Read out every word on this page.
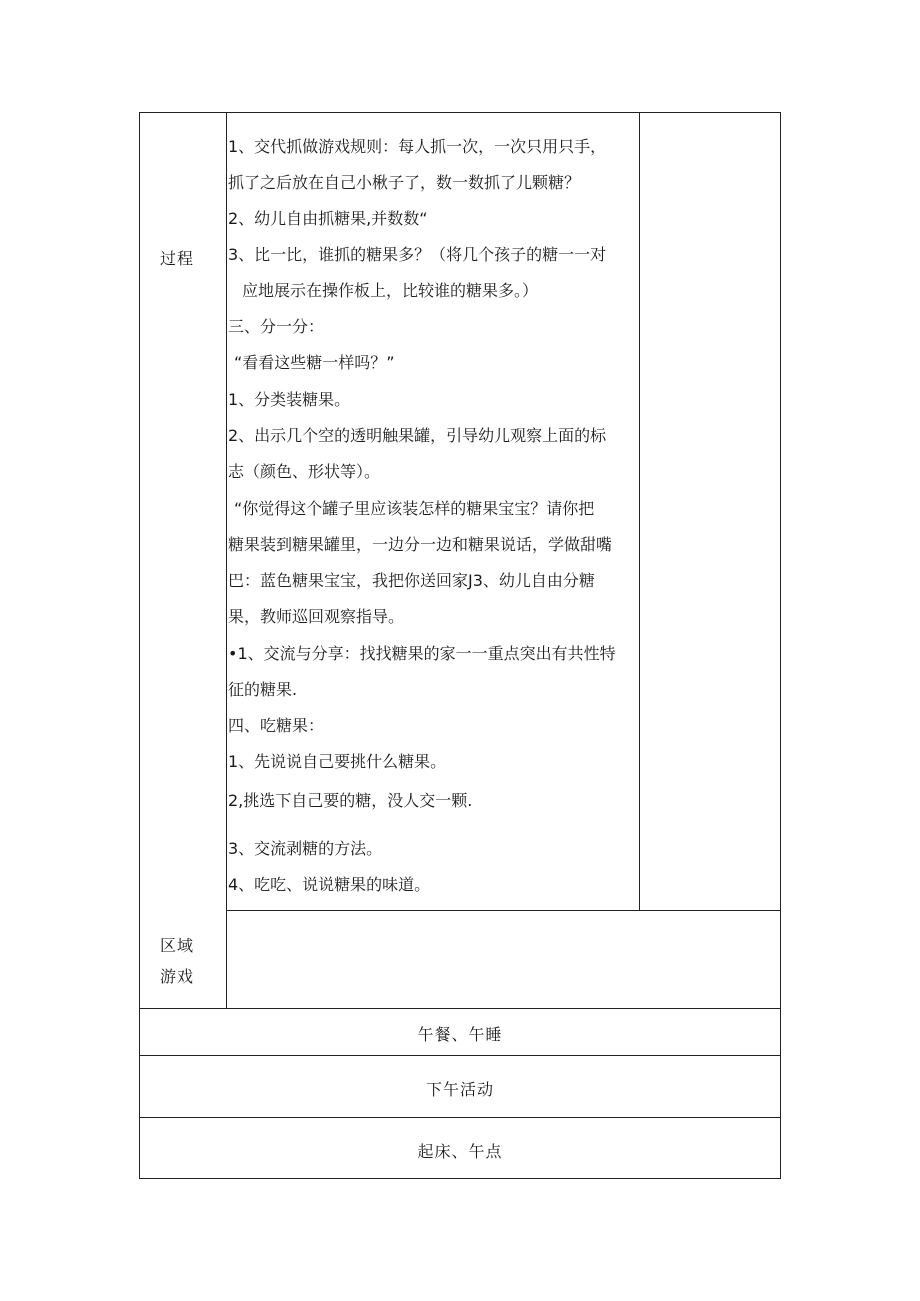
过程
区域
游戏
午餐、午睡
下午活动
起床、午点
1、交代抓做游戏规则：每人抓一次，一次只用只手，
抓了之后放在自己小楸子了，数一数抓了儿颗糖？
2、幼儿自由抓糖果,并数数“
3、比一比，谁抓的糖果多？（将几个孩子的糖一一对
应地展示在操作板上，比较谁的糖果多。）
三、分一分：
“看看这些糖一样吗？”
1、分类装糖果。
2、出示几个空的透明触果罐，引导幼儿观察上面的标
志（颜色、形状等）。
“你觉得这个罐子里应该装怎样的糖果宝宝？请你把
糖果装到糖果罐里，一边分一边和糖果说话，学做甜嘴
巴：蓝色糖果宝宝，我把你送回家J3、幼儿自由分糖
果，教师巡回观察指导。
•1、交流与分享：找找糖果的家一一重点突出有共性特
征的糖果.
四、吃糖果：
1、先说说自己要挑什么糖果。
2,挑选下自己要的糖，没人交一颗.
3、交流剥糖的方法。
4、吃吃、说说糖果的味道。
